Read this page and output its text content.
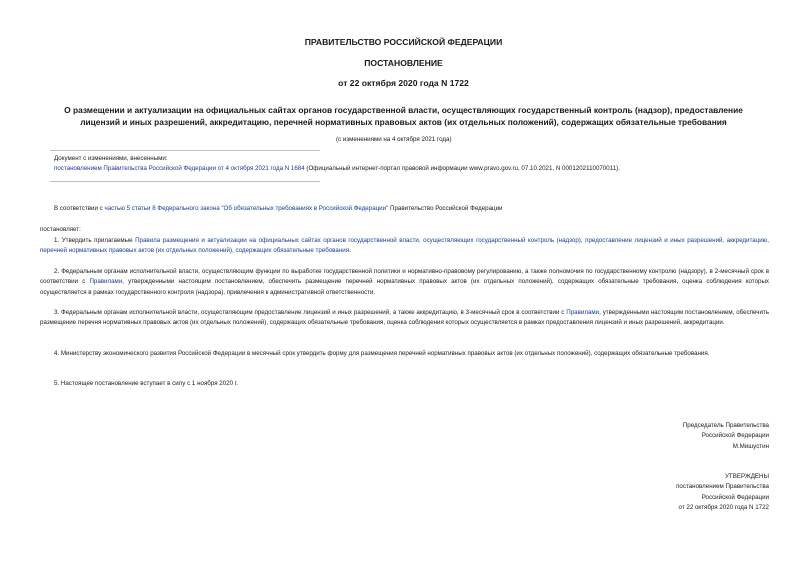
ПРАВИТЕЛЬСТВО РОССИЙСКОЙ ФЕДЕРАЦИИ
ПОСТАНОВЛЕНИЕ
от 22 октября 2020 года N 1722
О размещении и актуализации на официальных сайтах органов государственной власти, осуществляющих государственный контроль (надзор), предоставление
лицензий и иных разрешений, аккредитацию, перечней нормативных правовых актов (их отдельных положений), содержащих обязательные требования
(с изменениями на 4 октября 2021 года)
Документ с изменениями, внесенными:
постановлением Правительства Российской Федерации от 4 октября 2021 года N 1684 (Официальный интернет-портал правовой информации www.pravo.gov.ru, 07.10.2021, N 0001202110070011).
В соответствии с частью 5 статьи 8 Федерального закона "Об обязательных требованиях в Российской Федерации" Правительство Российской Федерации
постановляет:
1. Утвердить прилагаемые Правила размещения и актуализации на официальных сайтах органов государственной власти, осуществляющих государственный контроль (надзор), предоставление лицензий и иных разрешений, аккредитацию, перечней нормативных правовых актов (их отдельных положений), содержащих обязательные требования.
2. Федеральным органам исполнительной власти, осуществляющим функции по выработке государственной политики и нормативно-правовому регулированию, а также полномочия по государственному контролю (надзору), в 2-месячный срок в соответствии с Правилами, утвержденными настоящим постановлением, обеспечить размещение перечней нормативных правовых актов (их отдельных положений), содержащих обязательные требования, оценка соблюдения которых осуществляется в рамках государственного контроля (надзора), привлечения к административной ответственности.
3. Федеральным органам исполнительной власти, осуществляющим предоставление лицензий и иных разрешений, а также аккредитацию, в 3-месячный срок в соответствии с Правилами, утвержденными настоящим постановлением, обеспечить размещение перечня нормативных правовых актов (их отдельных положений), содержащих обязательные требования, оценка соблюдения которых осуществляется в рамках предоставления лицензий и иных разрешений, аккредитации.
4. Министерству экономического развития Российской Федерации в месячный срок утвердить форму для размещения перечней нормативных правовых актов (их отдельных положений), содержащих обязательные требования.
5. Настоящее постановление вступает в силу с 1 ноября 2020 г.
Председатель Правительства
Российской Федерации
М.Мишустин
УТВЕРЖДЕНЫ
постановлением Правительства
Российской Федерации
от 22 октября 2020 года N 1722
